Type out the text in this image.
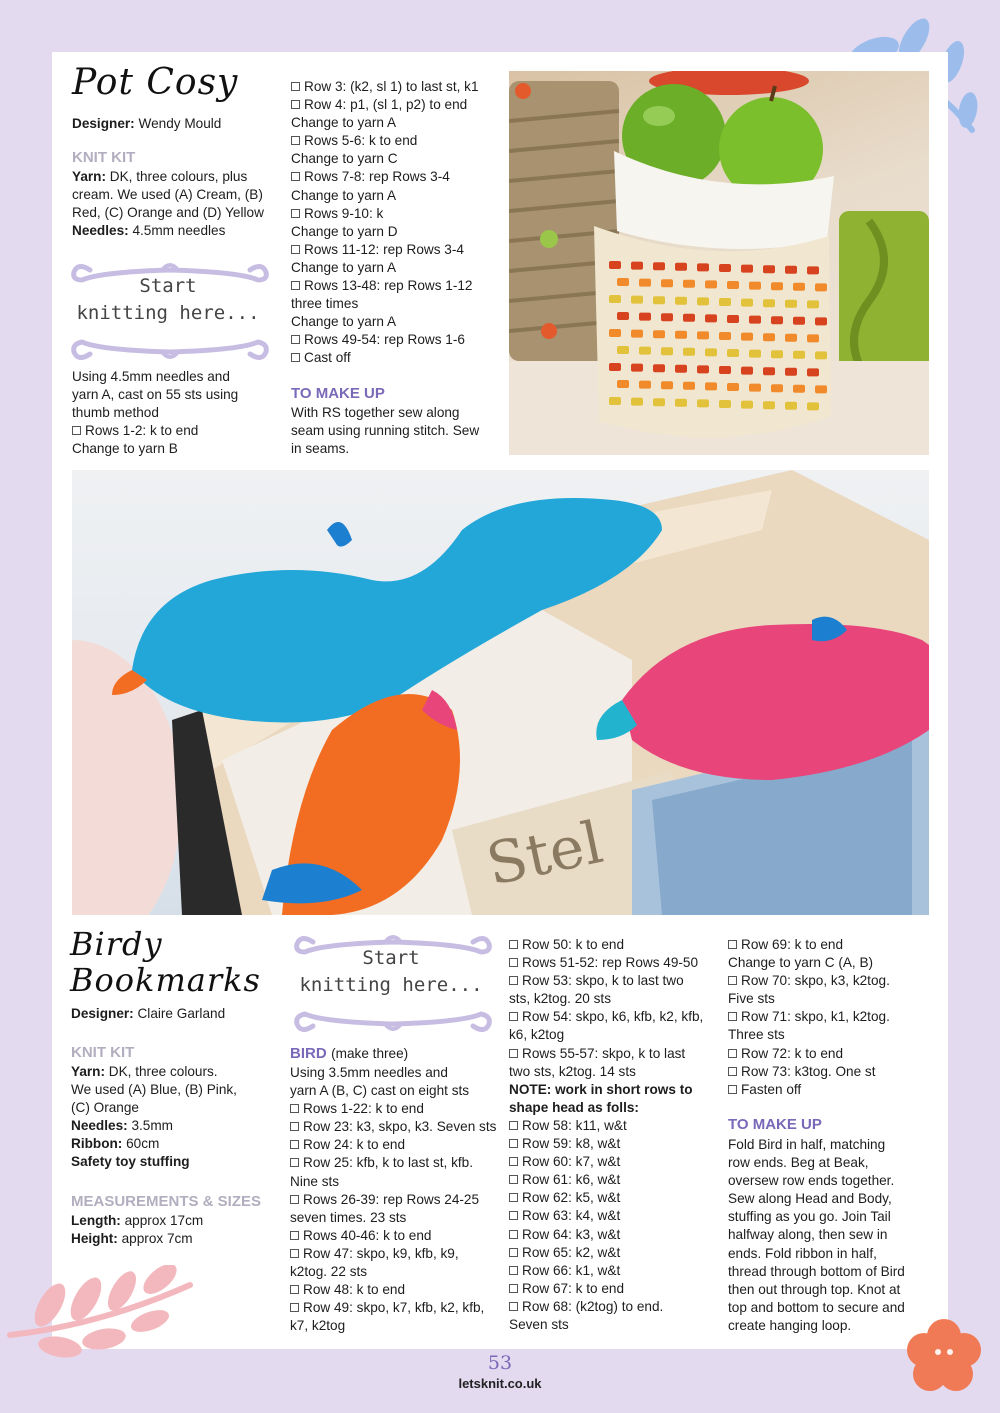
Pot Cosy
Designer: Wendy Mould
KNIT KIT

Yarn: DK, three colours, plus

cream. We used (A) Cream, (B)

Red, (C) Orange and (D) Yellow

Needles: 4.5mm needles

Start
knitting here...

Using 4.5mm needles and

yarn A, cast on 55 sts using

thumb method

Rows 1-2: k to end

Change to yarn B

Row 3: (k2, sl 1) to last st, k1

Row 4: p1, (sl 1, p2) to end

Change to yarn A

Rows 5-6: k to end

Change to yarn C

Rows 7-8: rep Rows 3-4

Change to yarn A

Rows 9-10: k

Change to yarn D

Rows 11-12: rep Rows 3-4

Change to yarn A

Rows 13-48: rep Rows 1-12

three times

Change to yarn A

Rows 49-54: rep Rows 1-6

Cast off

TO MAKE UP

With RS together sew along

seam using running stitch. Sew

in seams.

Stel
Birdy
Bookmarks
Designer: Claire Garland
KNIT KIT

Yarn: DK, three colours.

We used (A) Blue, (B) Pink,

(C) Orange

Needles: 3.5mm

Ribbon: 60cm

Safety toy stuffing

MEASUREMENTS & SIZES

Length: approx 17cm

Height: approx 7cm

Start
knitting here...
BIRD (make three)

Using 3.5mm needles and

yarn A (B, C) cast on eight sts

Rows 1-22: k to end

Row 23: k3, skpo, k3. Seven sts

Row 24: k to end

Row 25: kfb, k to last st, kfb.

Nine sts

Rows 26-39: rep Rows 24-25

seven times. 23 sts

Rows 40-46: k to end

Row 47: skpo, k9, kfb, k9,

k2tog. 22 sts

Row 48: k to end

Row 49: skpo, k7, kfb, k2, kfb,

k7, k2tog

Row 50: k to end

Rows 51-52: rep Rows 49-50

Row 53: skpo, k to last two

sts, k2tog. 20 sts

Row 54: skpo, k6, kfb, k2, kfb,

k6, k2tog

Rows 55-57: skpo, k to last

two sts, k2tog. 14 sts

NOTE: work in short rows to

shape head as folls:

Row 58: k11, w&t

Row 59: k8, w&t

Row 60: k7, w&t

Row 61: k6, w&t

Row 62: k5, w&t

Row 63: k4, w&t

Row 64: k3, w&t

Row 65: k2, w&t

Row 66: k1, w&t

Row 67: k to end

Row 68: (k2tog) to end.

Seven sts

Row 69: k to end

Change to yarn C (A, B)

Row 70: skpo, k3, k2tog.

Five sts

Row 71: skpo, k1, k2tog.

Three sts

Row 72: k to end

Row 73: k3tog. One st

Fasten off

TO MAKE UP

Fold Bird in half, matching

row ends. Beg at Beak,

oversew row ends together.

Sew along Head and Body,

stuffing as you go. Join Tail

halfway along, then sew in

ends. Fold ribbon in half,

thread through bottom of Bird

then out through top. Knot at

top and bottom to secure and

create hanging loop.

53
letsknit.co.uk
